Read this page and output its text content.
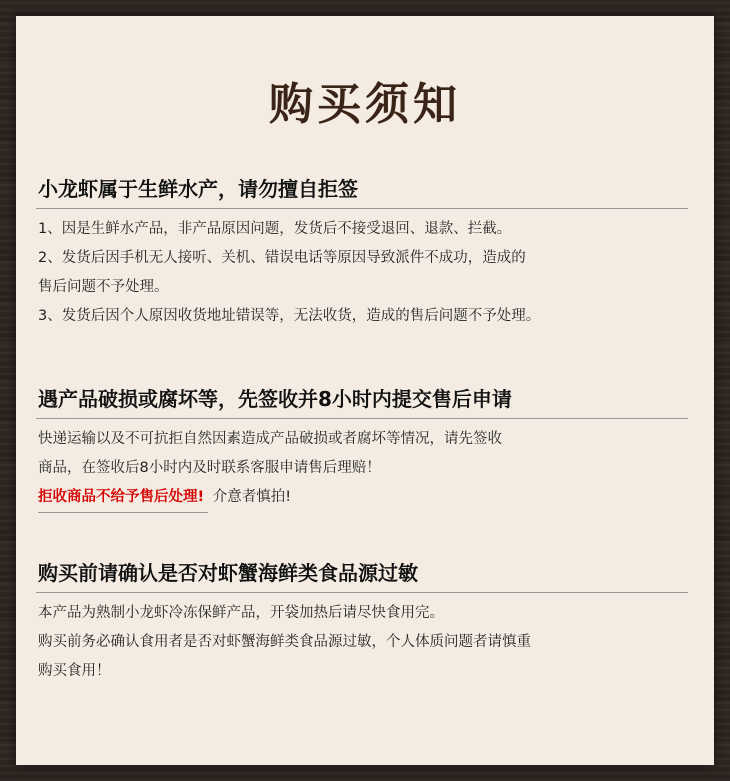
购买须知
小龙虾属于生鲜水产，请勿擅自拒签
1、因是生鲜水产品，非产品原因问题，发货后不接受退回、退款、拦截。
2、发货后因手机无人接听、关机、错误电话等原因导致派件不成功，造成的
售后问题不予处理。
3、发货后因个人原因收货地址错误等，无法收货，造成的售后问题不予处理。
遇产品破损或腐坏等，先签收并8小时内提交售后申请
快递运输以及不可抗拒自然因素造成产品破损或者腐坏等情况，请先签收
商品，在签收后8小时内及时联系客服申请售后理赔！
拒收商品不给予售后处理! 介意者慎拍!
购买前请确认是否对虾蟹海鲜类食品源过敏
本产品为熟制小龙虾冷冻保鲜产品，开袋加热后请尽快食用完。
购买前务必确认食用者是否对虾蟹海鲜类食品源过敏，个人体质问题者请慎重
购买食用！
